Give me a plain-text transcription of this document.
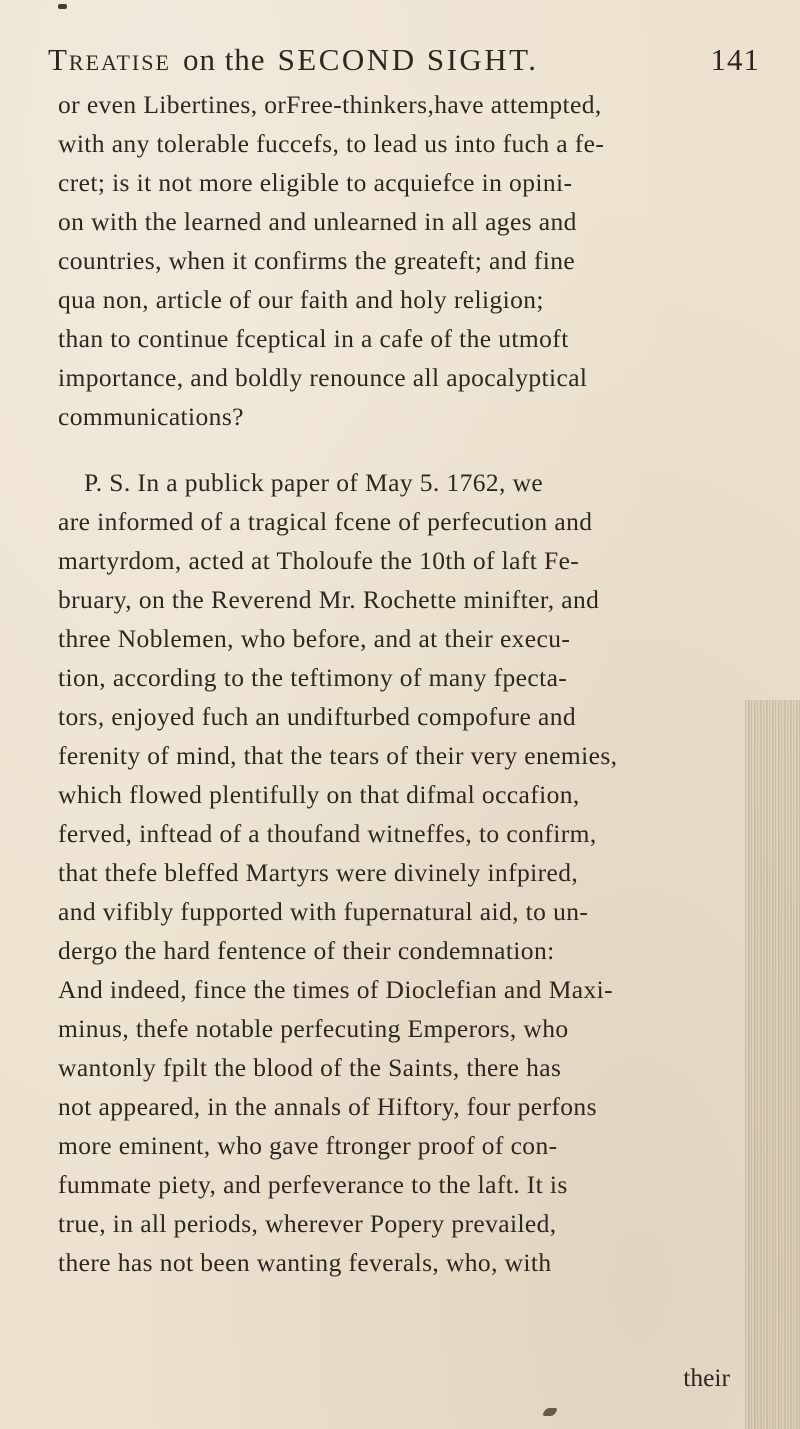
Treatise on the SECOND SIGHT.	141
or even Libertines, orFree-thinkers,have attempted,
with any tolerable fuccefs, to lead us into fuch a fe-
cret; is it not more eligible to acquiefce in opini-
on with the learned and unlearned in all ages and
countries, when it confirms the greateft; and fine
qua non, article of our faith and holy religion;
than to continue fceptical in a cafe of the utmoft
importance, and boldly renounce all apocalyptical
communications?
P. S. In a publick paper of May 5. 1762, we
are informed of a tragical fcene of perfecution and
martyrdom, acted at Tholoufe the 10th of laft Fe-
bruary, on the Reverend Mr. Rochette minifter, and
three Noblemen, who before, and at their execu-
tion, according to the teftimony of many fpecta-
tors, enjoyed fuch an undifturbed compofure and
ferenity of mind, that the tears of their very enemies,
which flowed plentifully on that difmal occafion,
ferved, inftead of a thoufand witneffes, to confirm,
that thefe bleffed Martyrs were divinely infpired,
and vifibly fupported with fupernatural aid, to un-
dergo the hard fentence of their condemnation:
And indeed, fince the times of Dioclefian and Maxi-
minus, thefe notable perfecuting Emperors, who
wantonly fpilt the blood of the Saints, there has
not appeared, in the annals of Hiftory, four perfons
more eminent, who gave ftronger proof of con-
fummate piety, and perfeverance to the laft. It is
true, in all periods, wherever Popery prevailed,
there has not been wanting feverals, who, with
their
